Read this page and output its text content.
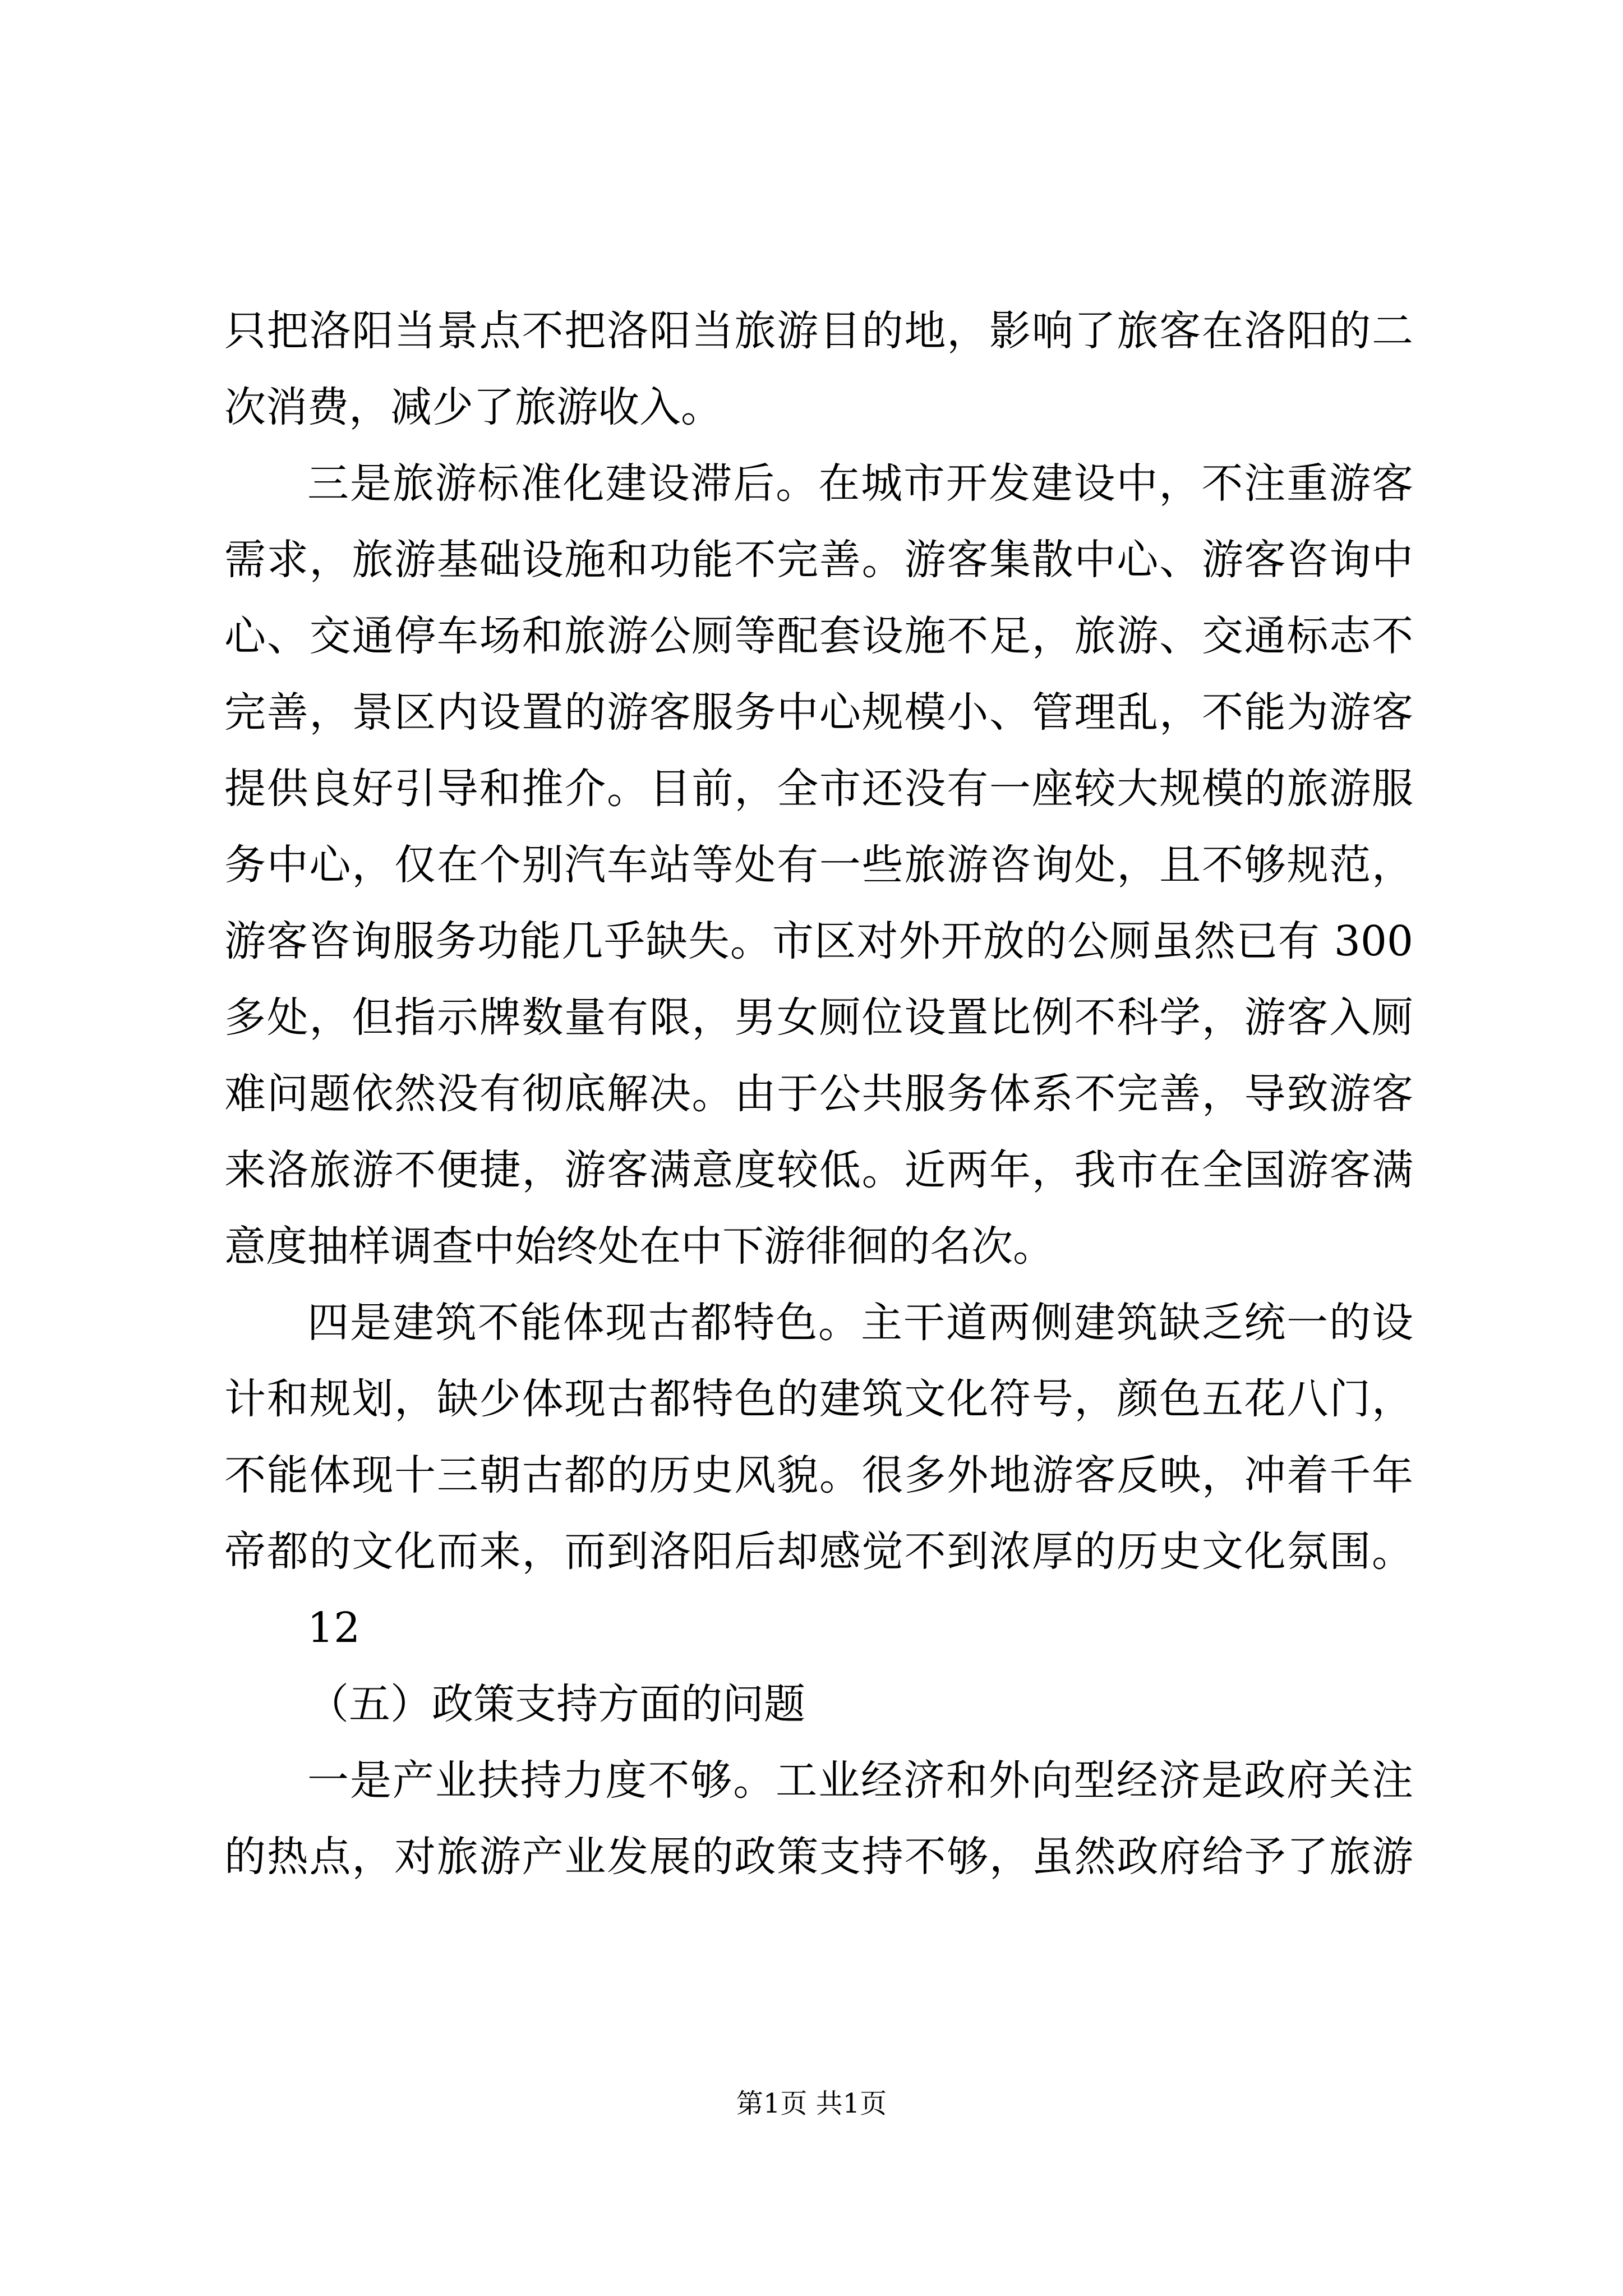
只把洛阳当景点不把洛阳当旅游目的地，影响了旅客在洛阳的二
次消费，减少了旅游收入。
三是旅游标准化建设滞后。在城市开发建设中，不注重游客
需求，旅游基础设施和功能不完善。游客集散中心、游客咨询中
心、交通停车场和旅游公厕等配套设施不足，旅游、交通标志不
完善，景区内设置的游客服务中心规模小、管理乱，不能为游客
提供良好引导和推介。目前，全市还没有一座较大规模的旅游服
务中心，仅在个别汽车站等处有一些旅游咨询处，且不够规范，
游客咨询服务功能几乎缺失。市区对外开放的公厕虽然已有 300
多处，但指示牌数量有限，男女厕位设置比例不科学，游客入厕
难问题依然没有彻底解决。由于公共服务体系不完善，导致游客
来洛旅游不便捷，游客满意度较低。近两年，我市在全国游客满
意度抽样调查中始终处在中下游徘徊的名次。
四是建筑不能体现古都特色。主干道两侧建筑缺乏统一的设
计和规划，缺少体现古都特色的建筑文化符号，颜色五花八门，
不能体现十三朝古都的历史风貌。很多外地游客反映，冲着千年
帝都的文化而来，而到洛阳后却感觉不到浓厚的历史文化氛围。
12
（五）政策支持方面的问题
一是产业扶持力度不够。工业经济和外向型经济是政府关注
的热点，对旅游产业发展的政策支持不够，虽然政府给予了旅游
第1页 共1页
